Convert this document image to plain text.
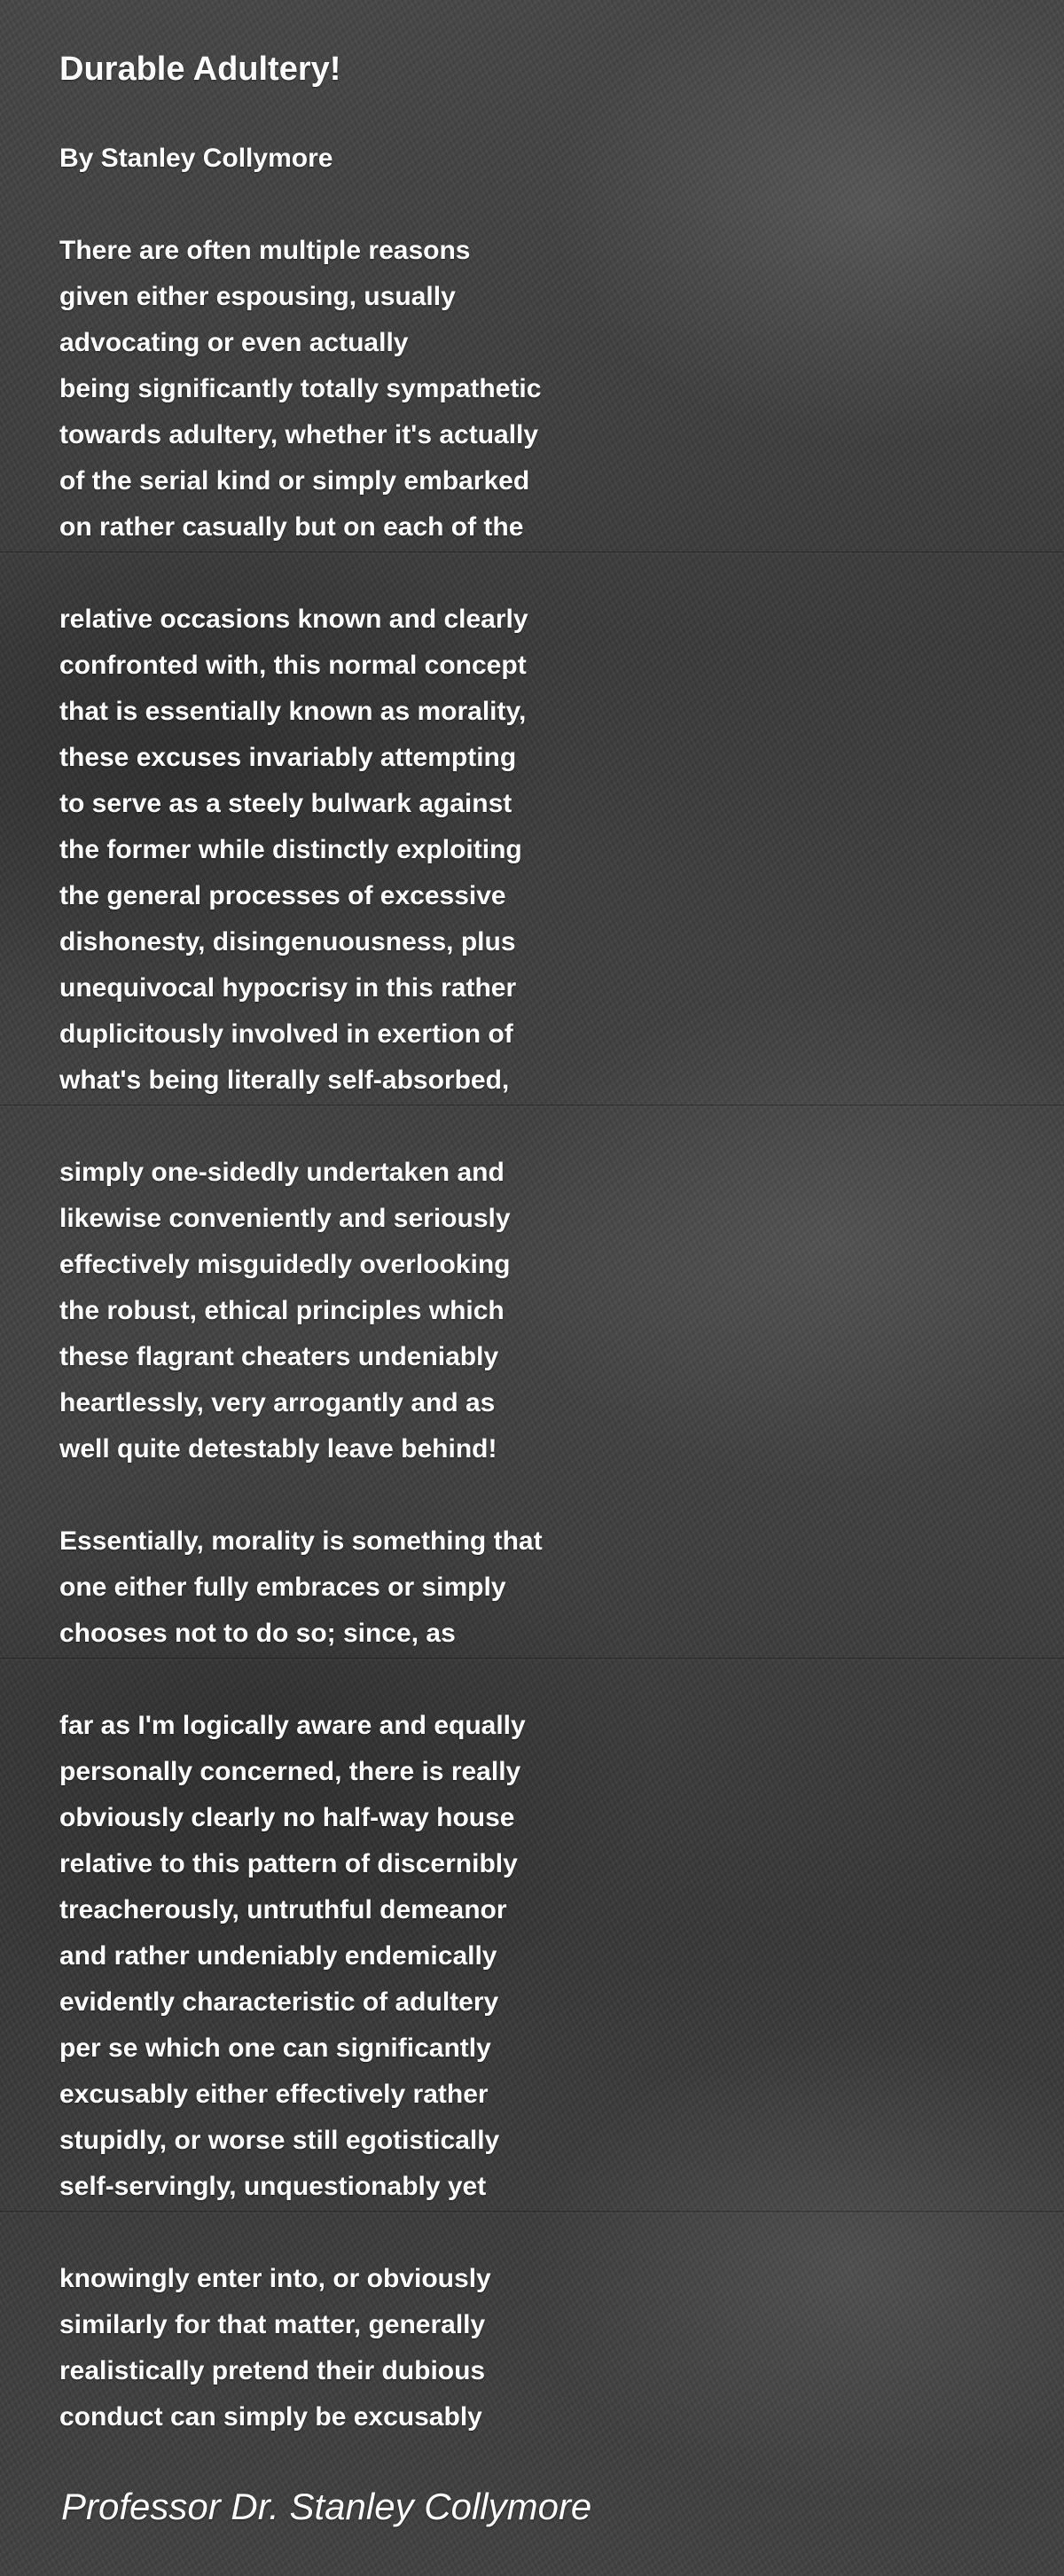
Durable Adultery!

By Stanley Collymore

There are often multiple reasons
given either espousing, usually
advocating or even actually
being significantly totally sympathetic
towards adultery, whether it's actually
of the serial kind or simply embarked
on rather casually but on each of the
relative occasions known and clearly
confronted with, this normal concept
that is essentially known as morality,
these excuses invariably attempting
to serve as a steely bulwark against
the former while distinctly exploiting
the general processes of excessive
dishonesty, disingenuousness, plus
unequivocal hypocrisy in this rather
duplicitously involved in exertion of
what's being literally self-absorbed,
simply one-sidedly undertaken and
likewise conveniently and seriously
effectively misguidedly overlooking
the robust, ethical principles which
these flagrant cheaters undeniably
heartlessly, very arrogantly and as
well quite detestably leave behind!
Essentially, morality is something that
one either fully embraces or simply
chooses not to do so; since, as
far as I'm logically aware and equally
personally concerned, there is really
obviously clearly no half-way house
relative to this pattern of discernibly
treacherously, untruthful demeanor
and rather undeniably endemically
evidently characteristic of adultery
per se which one can significantly
excusably either effectively rather
stupidly, or worse still egotistically
self-servingly, unquestionably yet
knowingly enter into, or obviously
similarly for that matter, generally
realistically pretend their dubious
conduct can simply be excusably

Professor Dr. Stanley Collymore
